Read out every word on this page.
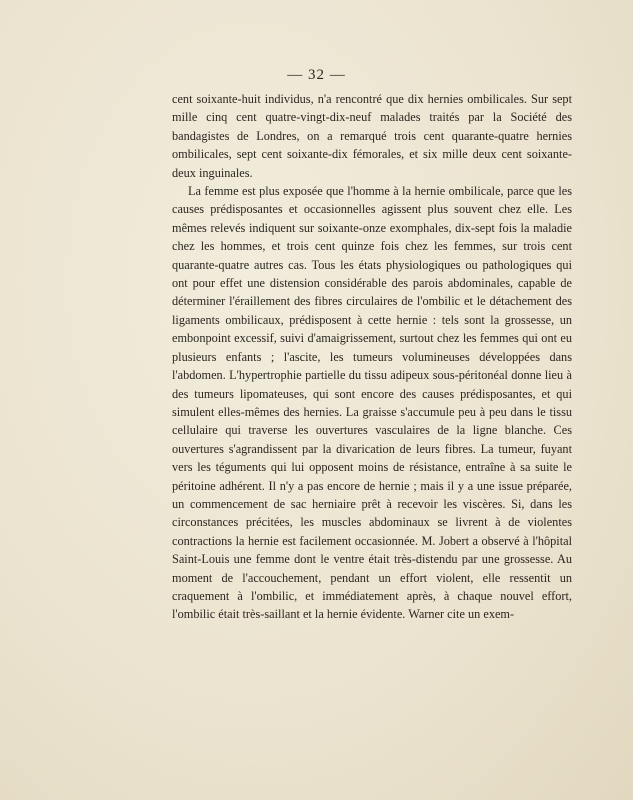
— 32 —

cent soixante-huit individus, n'a rencontré que dix hernies ombilicales. Sur sept mille cinq cent quatre-vingt-dix-neuf malades traités par la Société des bandagistes de Londres, on a remarqué trois cent quarante-quatre hernies ombilicales, sept cent soixante-dix fémorales, et six mille deux cent soixante-deux inguinales.

La femme est plus exposée que l'homme à la hernie ombilicale, parce que les causes prédisposantes et occasionnelles agissent plus souvent chez elle. Les mêmes relevés indiquent sur soixante-onze exomphales, dix-sept fois la maladie chez les hommes, et trois cent quinze fois chez les femmes, sur trois cent quarante-quatre autres cas. Tous les états physiologiques ou pathologiques qui ont pour effet une distension considérable des parois abdominales, capable de déterminer l'éraillement des fibres circulaires de l'ombilic et le détachement des ligaments ombilicaux, prédisposent à cette hernie : tels sont la grossesse, un embonpoint excessif, suivi d'amaigrissement, surtout chez les femmes qui ont eu plusieurs enfants ; l'ascite, les tumeurs volumineuses développées dans l'abdomen. L'hypertrophie partielle du tissu adipeux sous-péritonéal donne lieu à des tumeurs lipomateuses, qui sont encore des causes prédisposantes, et qui simulent elles-mêmes des hernies. La graisse s'accumule peu à peu dans le tissu cellulaire qui traverse les ouvertures vasculaires de la ligne blanche. Ces ouvertures s'agrandissent par la divarication de leurs fibres. La tumeur, fuyant vers les téguments qui lui opposent moins de résistance, entraîne à sa suite le péritoine adhérent. Il n'y a pas encore de hernie ; mais il y a une issue préparée, un commencement de sac herniaire prêt à recevoir les viscères. Si, dans les circonstances précitées, les muscles abdominaux se livrent à de violentes contractions la hernie est facilement occasionnée. M. Jobert a observé à l'hôpital Saint-Louis une femme dont le ventre était très-distendu par une grossesse. Au moment de l'accouchement, pendant un effort violent, elle ressentit un craquement à l'ombilic, et immédiatement après, à chaque nouvel effort, l'ombilic était très-saillant et la hernie évidente. Warner cite un exem-
